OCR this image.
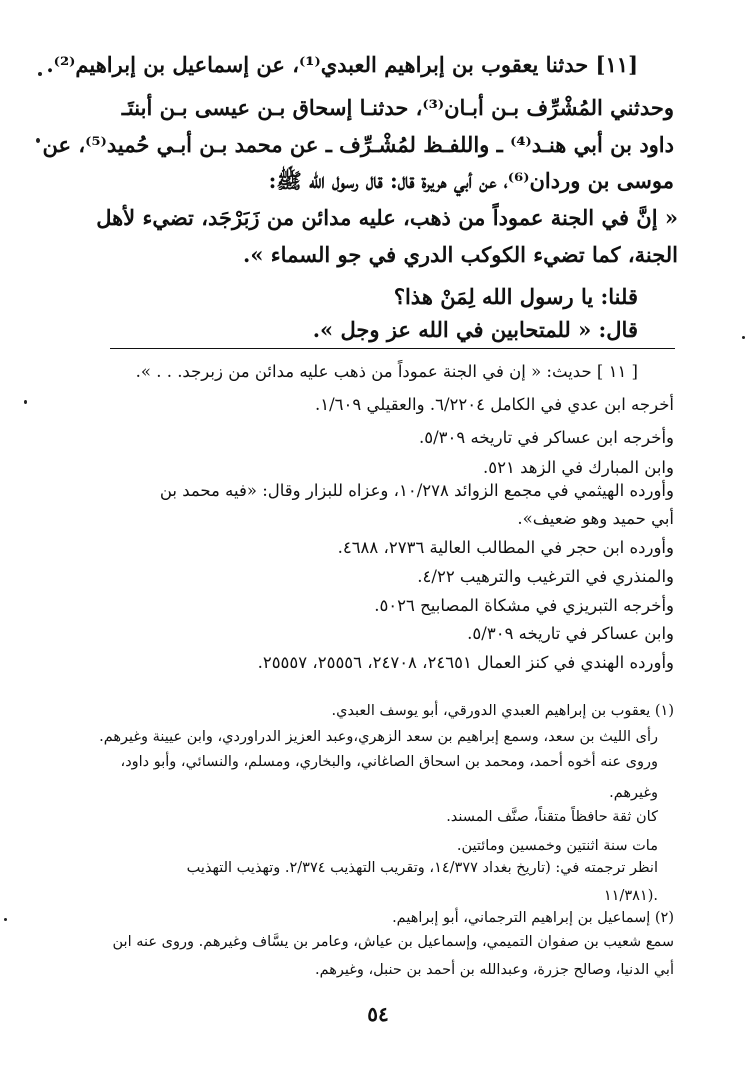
[١١] حدثنا يعقوب بن إبراهيم العبدي⁽¹⁾، عن إسماعيل بن إبراهيم⁽²⁾.
وحدثني المُشْرِّف بـن أبـان⁽³⁾، حدثنـا إسحاق بـن عيسى بـن أبنتَـ
داود بن أبي هنـد⁽⁴⁾ ـ واللفـظ لمُشْـرِّف ـ عن محمد بـن أبـي حُميد⁽⁵⁾، عن
موسى بن وردان⁽⁶⁾، عن أبي هريرة قال: قال رسول الله ﷺ:
« إنَّ في الجنة عموداً من ذهب، عليه مدائن من زَبَرْجَد، تضيء لأهل
الجنة، كما تضيء الكوكب الدري في جو السماء ».
قلنا: يا رسول الله لِمَنْ هذا؟
قال: « للمتحابين في الله عز وجل ».
[ ١١ ] حديث: « إن في الجنة عموداً من ذهب عليه مدائن من زبرجد. . . ».
أخرجه ابن عدي في الكامل ٦/٢٢٠٤. والعقيلي ١/٦٠٩.
وأخرجه ابن عساكر في تاريخه ٥/٣٠٩.
وابن المبارك في الزهد ٥٢١.
وأورده الهيثمي في مجمع الزوائد ١٠/٢٧٨، وعزاه للبزار وقال: «فيه محمد بن
أبي حميد وهو ضعيف».
وأورده ابن حجر في المطالب العالية ٢٧٣٦، ٤٦٨٨.
والمنذري في الترغيب والترهيب ٤/٢٢.
وأخرجه التبريزي في مشكاة المصابيح ٥٠٢٦.
وابن عساكر في تاريخه ٥/٣٠٩.
وأورده الهندي في كنز العمال ٢٤٦٥١، ٢٤٧٠٨، ٢٥٥٥٦، ٢٥٥٥٧.
(١) يعقوب بن إبراهيم العبدي الدورقي، أبو يوسف العبدي.
رأى الليث بن سعد، وسمع إبراهيم بن سعد الزهري،وعبد العزيز الدراوردي، وابن عيينة وغيرهم.
وروى عنه أخوه أحمد، ومحمد بن اسحاق الصاغاني، والبخاري، ومسلم، والنسائي، وأبو داود،
وغيرهم.
كان ثقة حافظاً متقناً، صنَّف المسند.
مات سنة اثنتين وخمسين ومائتين.
انظر ترجمته في: (تاريخ بغداد ١٤/٣٧٧، وتقريب التهذيب ٢/٣٧٤. وتهذيب التهذيب
١١/٣٨١).
(٢) إسماعيل بن إبراهيم الترجماني، أبو إبراهيم.
سمع شعيب بن صفوان التميمي، وإسماعيل بن عياش، وعامر بن يسَّاف وغيرهم. وروى عنه ابن
أبي الدنيا، وصالح جزرة، وعبدالله بن أحمد بن حنبل، وغيرهم.
٥٤
